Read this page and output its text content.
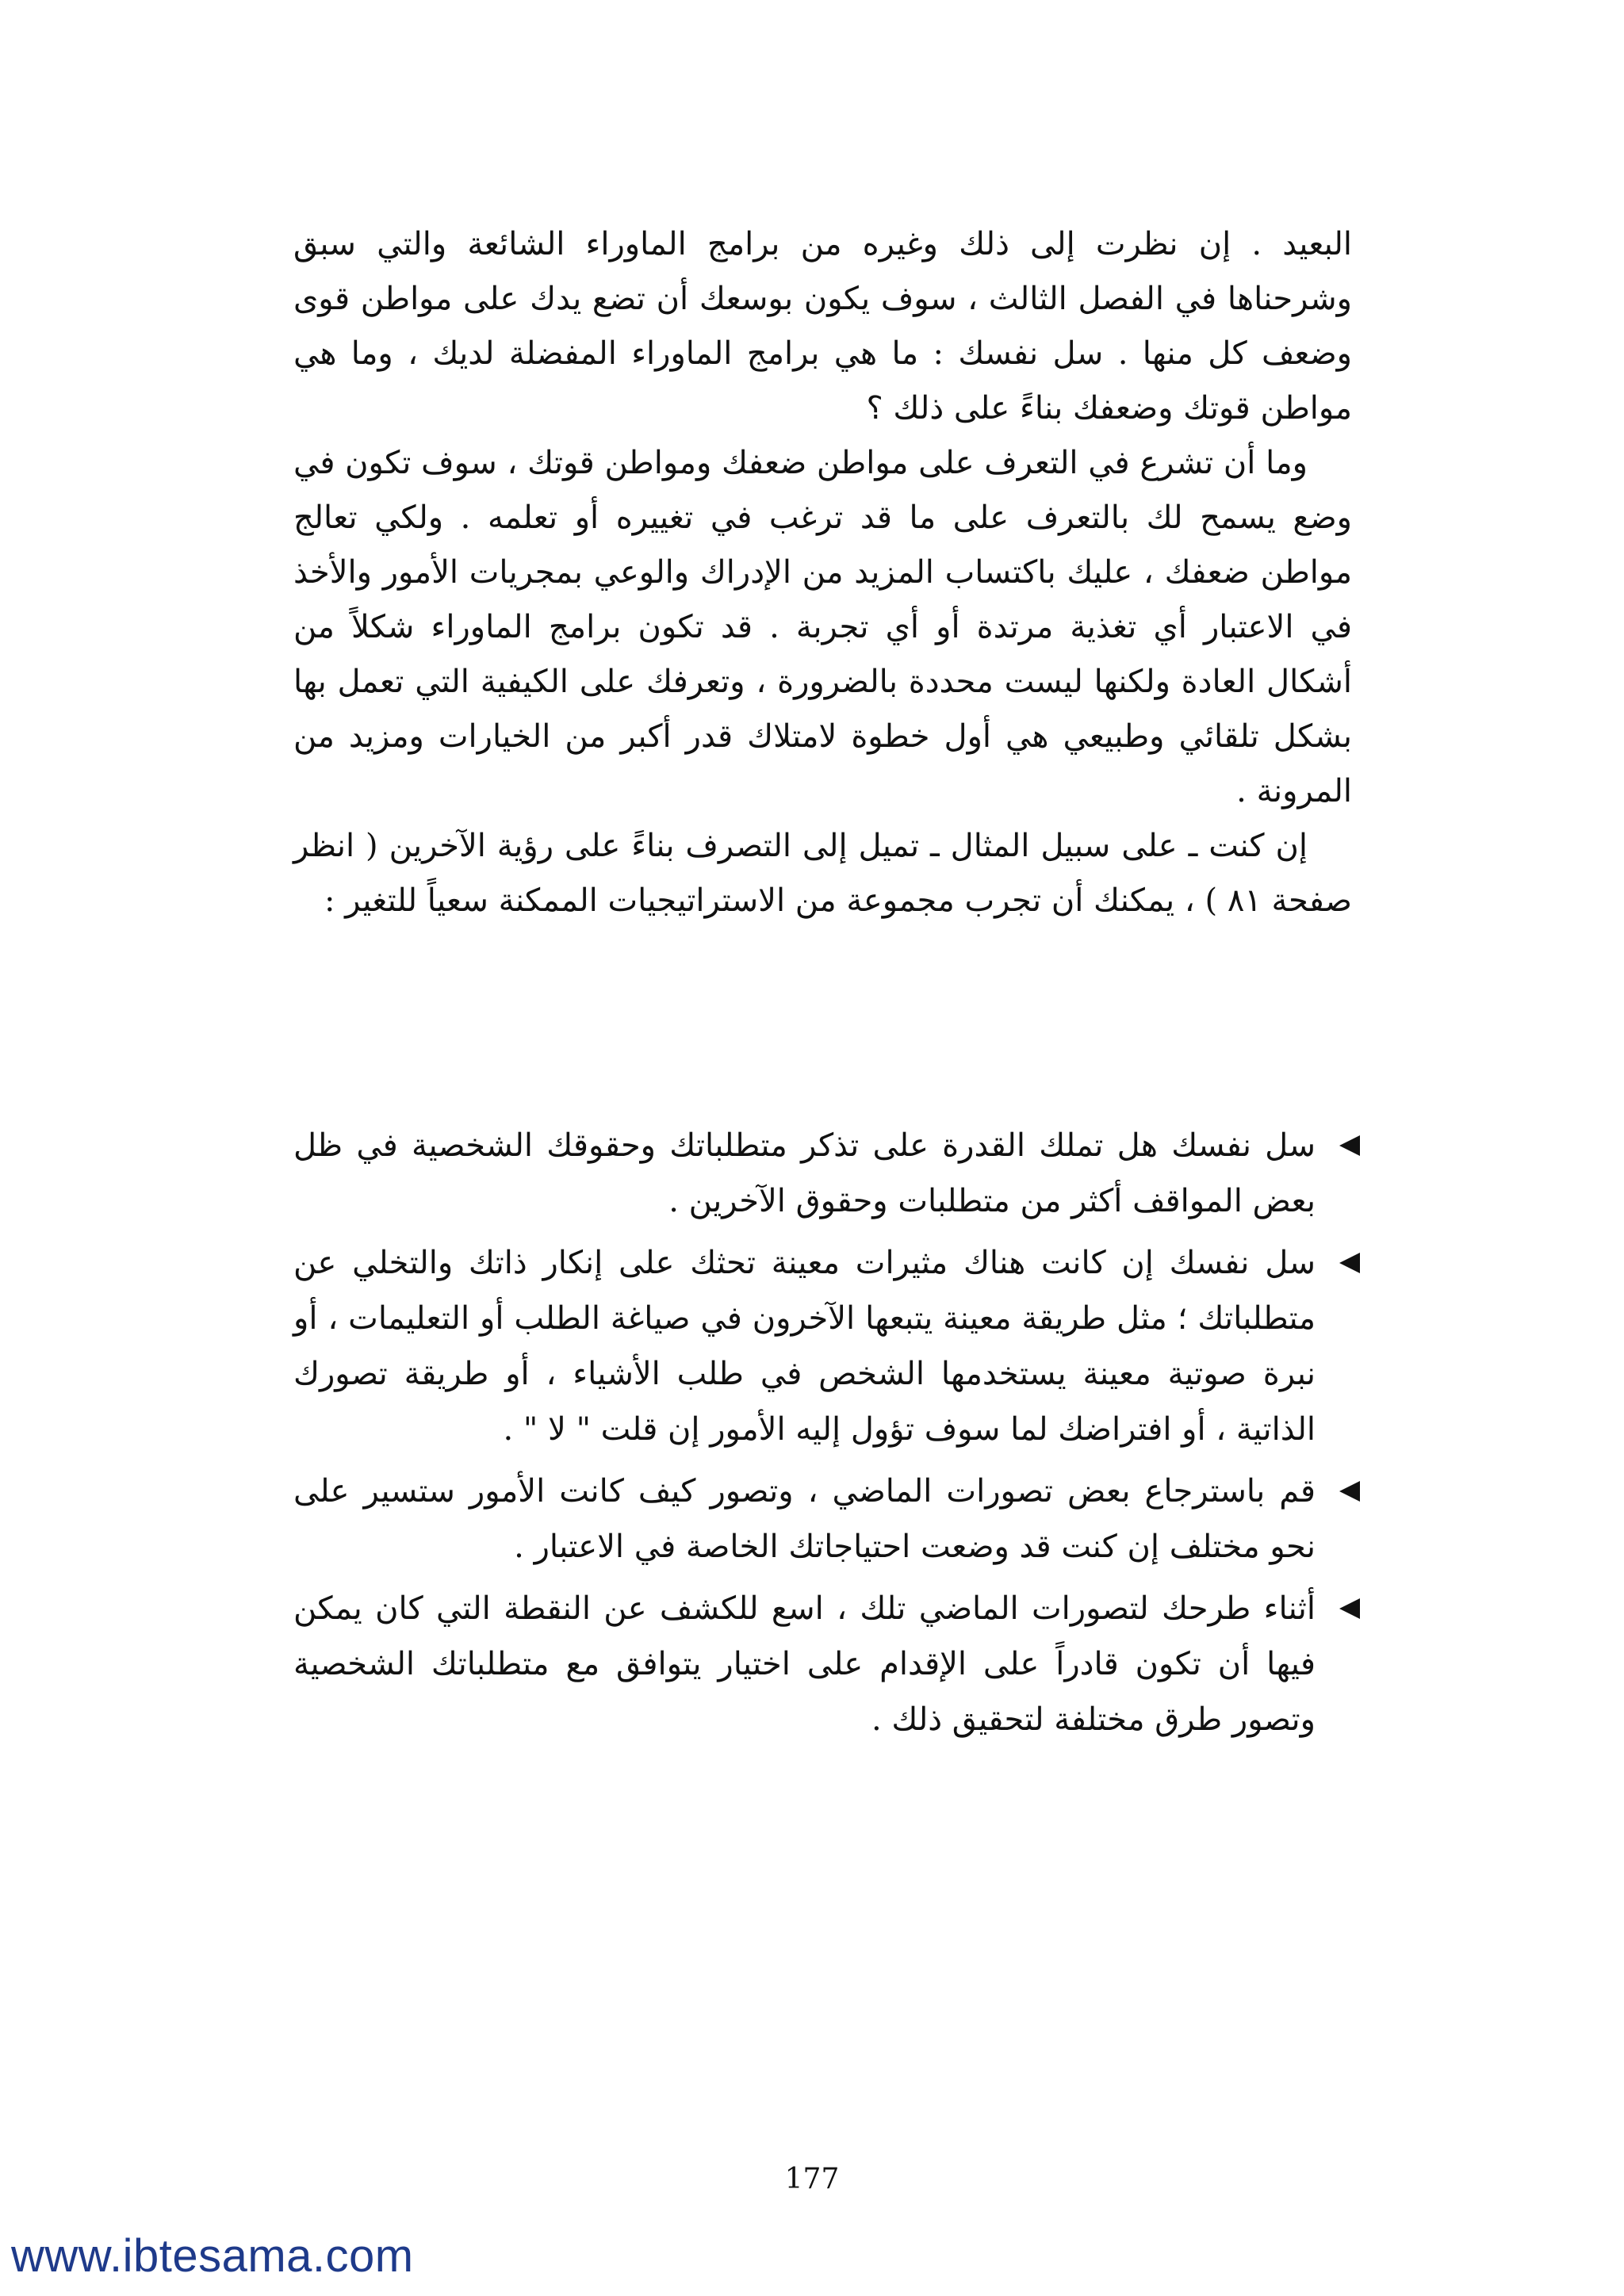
البعيد . إن نظرت إلى ذلك وغيره من برامج الماوراء الشائعة والتي سبق وشرحناها في الفصل الثالث ، سوف يكون بوسعك أن تضع يدك على مواطن قوى وضعف كل منها . سل نفسك : ما هي برامج الماوراء المفضلة لديك ، وما هي مواطن قوتك وضعفك بناءً على ذلك ؟

وما أن تشرع في التعرف على مواطن ضعفك ومواطن قوتك ، سوف تكون في وضع يسمح لك بالتعرف على ما قد ترغب في تغييره أو تعلمه . ولكي تعالج مواطن ضعفك ، عليك باكتساب المزيد من الإدراك والوعي بمجريات الأمور والأخذ في الاعتبار أي تغذية مرتدة أو أي تجربة . قد تكون برامج الماوراء شكلاً من أشكال العادة ولكنها ليست محددة بالضرورة ، وتعرفك على الكيفية التي تعمل بها بشكل تلقائي وطبيعي هي أول خطوة لامتلاك قدر أكبر من الخيارات ومزيد من المرونة .

إن كنت ـ على سبيل المثال ـ تميل إلى التصرف بناءً على رؤية الآخرين ( انظر صفحة ٨١ ) ، يمكنك أن تجرب مجموعة من الاستراتيجيات الممكنة سعياً للتغير :

سل نفسك هل تملك القدرة على تذكر متطلباتك وحقوقك الشخصية في ظل بعض المواقف أكثر من متطلبات وحقوق الآخرين .
سل نفسك إن كانت هناك مثيرات معينة تحثك على إنكار ذاتك والتخلي عن متطلباتك ؛ مثل طريقة معينة يتبعها الآخرون في صياغة الطلب أو التعليمات ، أو نبرة صوتية معينة يستخدمها الشخص في طلب الأشياء ، أو طريقة تصورك الذاتية ، أو افتراضك لما سوف تؤول إليه الأمور إن قلت " لا " .
قم باسترجاع بعض تصورات الماضي ، وتصور كيف كانت الأمور ستسير على نحو مختلف إن كنت قد وضعت احتياجاتك الخاصة في الاعتبار .
أثناء طرحك لتصورات الماضي تلك ، اسع للكشف عن النقطة التي كان يمكن فيها أن تكون قادراً على الإقدام على اختيار يتوافق مع متطلباتك الشخصية وتصور طرق مختلفة لتحقيق ذلك .
177
www.ibtesama.com
